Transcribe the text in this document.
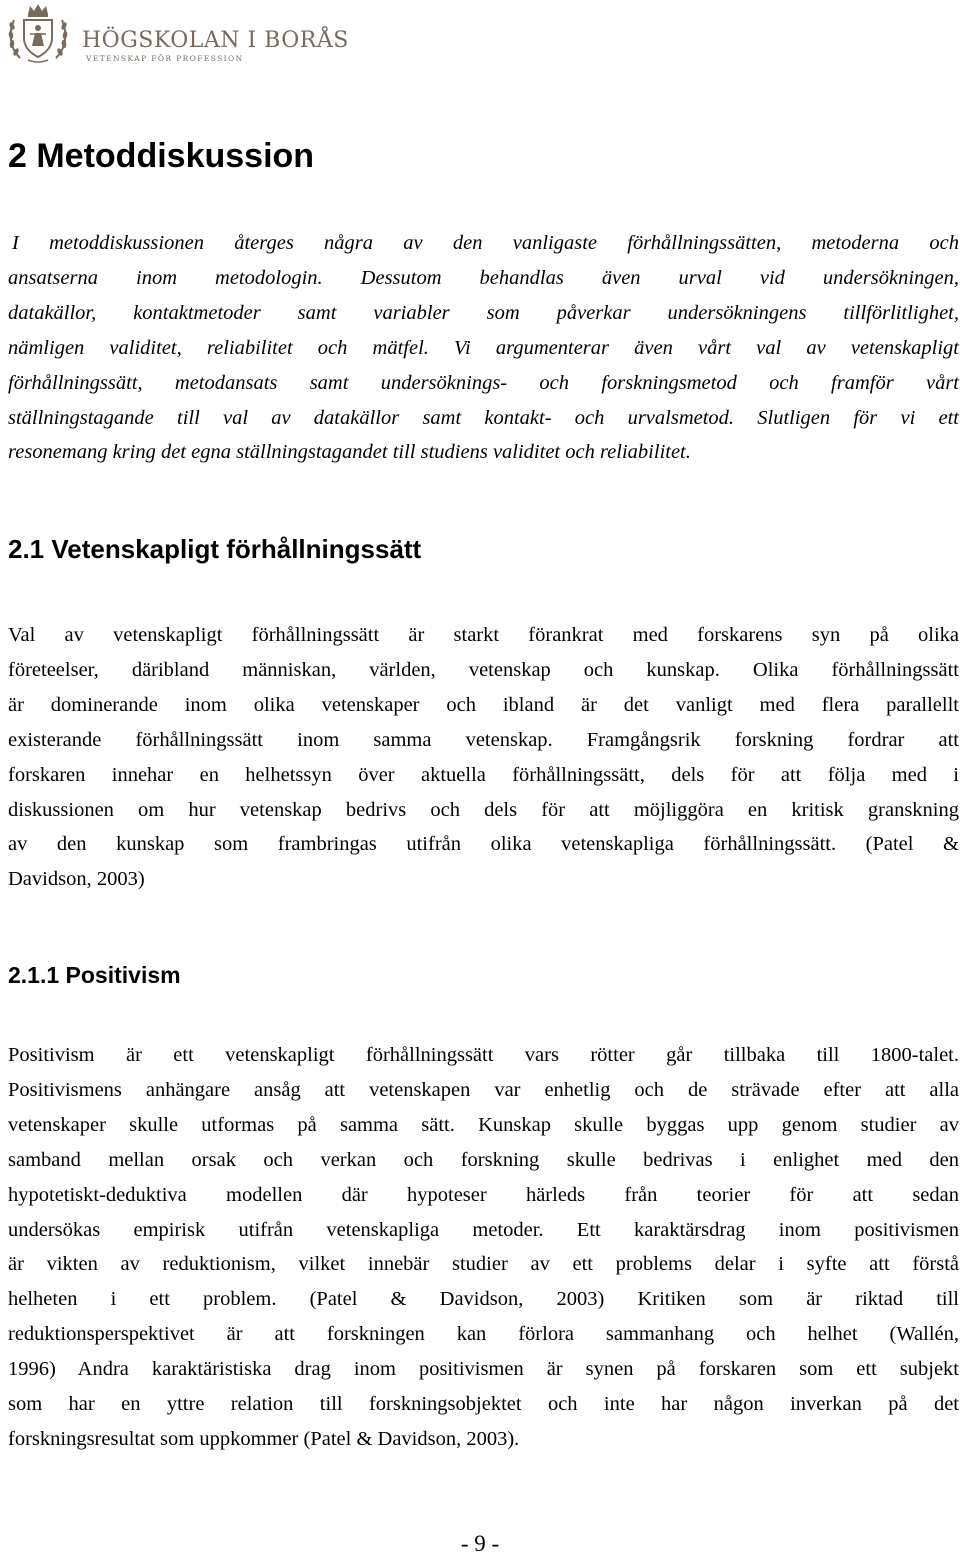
HÖGSKOLAN I BORÅS
VETENSKAP FÖR PROFESSION
2 Metoddiskussion
I metoddiskussionen återges några av den vanligaste förhållningssätten, metoderna och
ansatserna inom metodologin. Dessutom behandlas även urval vid undersökningen,
datakällor, kontaktmetoder samt variabler som påverkar undersökningens tillförlitlighet,
nämligen validitet, reliabilitet och mätfel. Vi argumenterar även vårt val av vetenskapligt
förhållningssätt, metodansats samt undersöknings- och forskningsmetod och framför vårt
ställningstagande till val av datakällor samt kontakt- och urvalsmetod. Slutligen för vi ett
resonemang kring det egna ställningstagandet till studiens validitet och reliabilitet.
2.1 Vetenskapligt förhållningssätt
Val av vetenskapligt förhållningssätt är starkt förankrat med forskarens syn på olika
företeelser, däribland människan, världen, vetenskap och kunskap. Olika förhållningssätt
är dominerande inom olika vetenskaper och ibland är det vanligt med flera parallellt
existerande förhållningssätt inom samma vetenskap. Framgångsrik forskning fordrar att
forskaren innehar en helhetssyn över aktuella förhållningssätt, dels för att följa med i
diskussionen om hur vetenskap bedrivs och dels för att möjliggöra en kritisk granskning
av den kunskap som frambringas utifrån olika vetenskapliga förhållningssätt. (Patel &
Davidson, 2003)
2.1.1 Positivism
Positivism är ett vetenskapligt förhållningssätt vars rötter går tillbaka till 1800-talet.
Positivismens anhängare ansåg att vetenskapen var enhetlig och de strävade efter att alla
vetenskaper skulle utformas på samma sätt. Kunskap skulle byggas upp genom studier av
samband mellan orsak och verkan och forskning skulle bedrivas i enlighet med den
hypotetiskt-deduktiva modellen där hypoteser härleds från teorier för att sedan
undersökas empirisk utifrån vetenskapliga metoder. Ett karaktärsdrag inom positivismen
är vikten av reduktionism, vilket innebär studier av ett problems delar i syfte att förstå
helheten i ett problem. (Patel & Davidson, 2003) Kritiken som är riktad till
reduktionsperspektivet är att forskningen kan förlora sammanhang och helhet (Wallén,
1996) Andra karaktäristiska drag inom positivismen är synen på forskaren som ett subjekt
som har en yttre relation till forskningsobjektet och inte har någon inverkan på det
forskningsresultat som uppkommer (Patel & Davidson, 2003).
- 9 -
